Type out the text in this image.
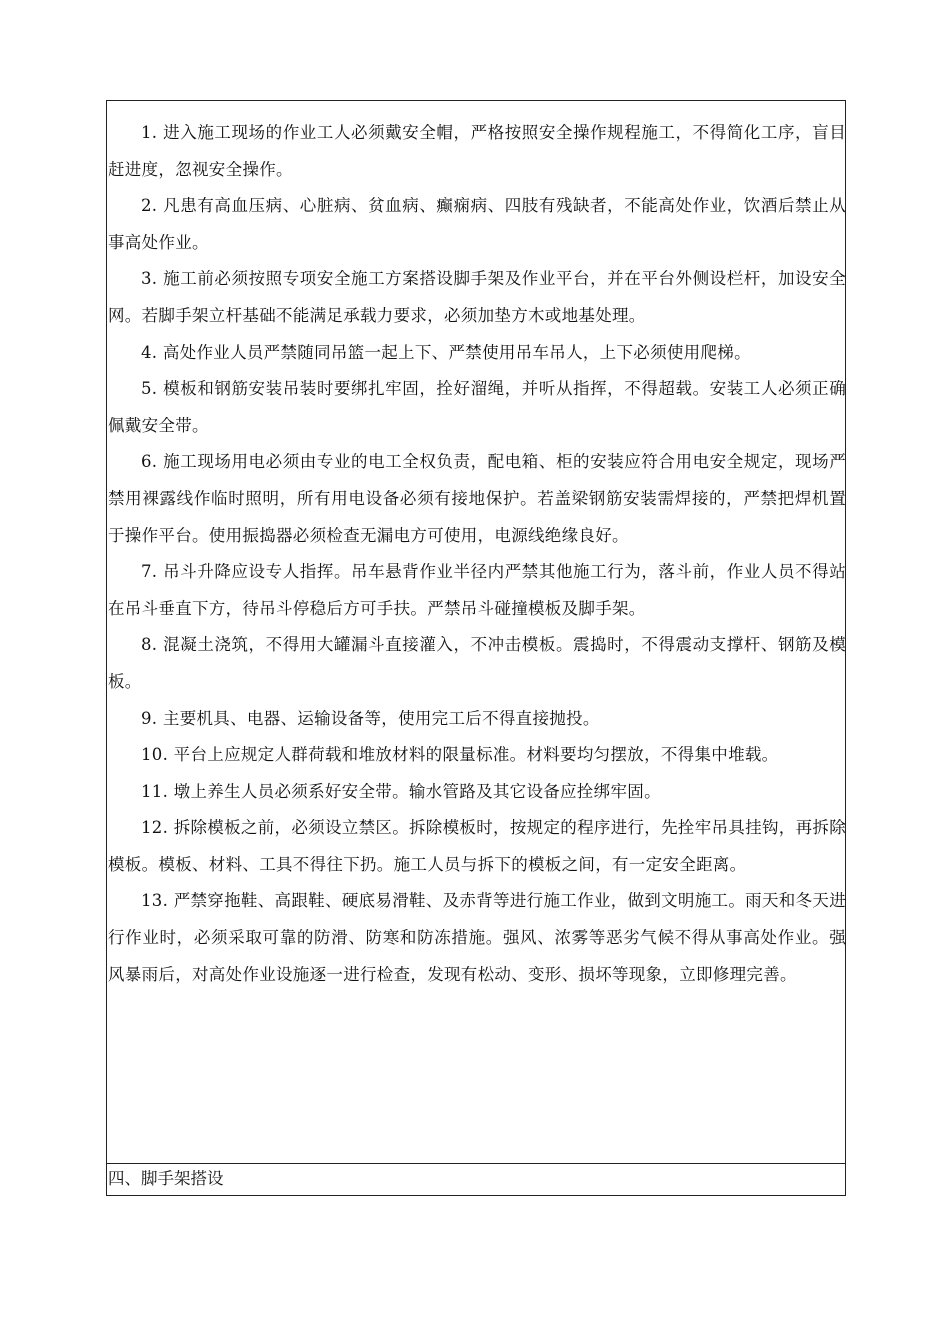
1. 进入施工现场的作业工人必须戴安全帽，严格按照安全操作规程施工，不得简化工序，盲目赶进度，忽视安全操作。

2. 凡患有高血压病、心脏病、贫血病、癫痫病、四肢有残缺者，不能高处作业，饮酒后禁止从事高处作业。

3. 施工前必须按照专项安全施工方案搭设脚手架及作业平台，并在平台外侧设栏杆，加设安全网。若脚手架立杆基础不能满足承载力要求，必须加垫方木或地基处理。

4. 高处作业人员严禁随同吊篮一起上下、严禁使用吊车吊人，上下必须使用爬梯。

5. 模板和钢筋安装吊装时要绑扎牢固，拴好溜绳，并听从指挥，不得超载。安装工人必须正确佩戴安全带。

6. 施工现场用电必须由专业的电工全权负责，配电箱、柜的安装应符合用电安全规定，现场严禁用裸露线作临时照明，所有用电设备必须有接地保护。若盖梁钢筋安装需焊接的，严禁把焊机置于操作平台。使用振捣器必须检查无漏电方可使用，电源线绝缘良好。

7. 吊斗升降应设专人指挥。吊车悬背作业半径内严禁其他施工行为，落斗前，作业人员不得站在吊斗垂直下方，待吊斗停稳后方可手扶。严禁吊斗碰撞模板及脚手架。

8. 混凝土浇筑，不得用大罐漏斗直接灌入，不冲击模板。震捣时，不得震动支撑杆、钢筋及模板。

9. 主要机具、电器、运输设备等，使用完工后不得直接抛投。

10. 平台上应规定人群荷载和堆放材料的限量标准。材料要均匀摆放，不得集中堆载。

11. 墩上养生人员必须系好安全带。输水管路及其它设备应拴绑牢固。

12. 拆除模板之前，必须设立禁区。拆除模板时，按规定的程序进行，先拴牢吊具挂钩，再拆除模板。模板、材料、工具不得往下扔。施工人员与拆下的模板之间，有一定安全距离。

13. 严禁穿拖鞋、高跟鞋、硬底易滑鞋、及赤背等进行施工作业，做到文明施工。雨天和冬天进行作业时，必须采取可靠的防滑、防寒和防冻措施。强风、浓雾等恶劣气候不得从事高处作业。强风暴雨后，对高处作业设施逐一进行检查，发现有松动、变形、损坏等现象，立即修理完善。

四、脚手架搭设
